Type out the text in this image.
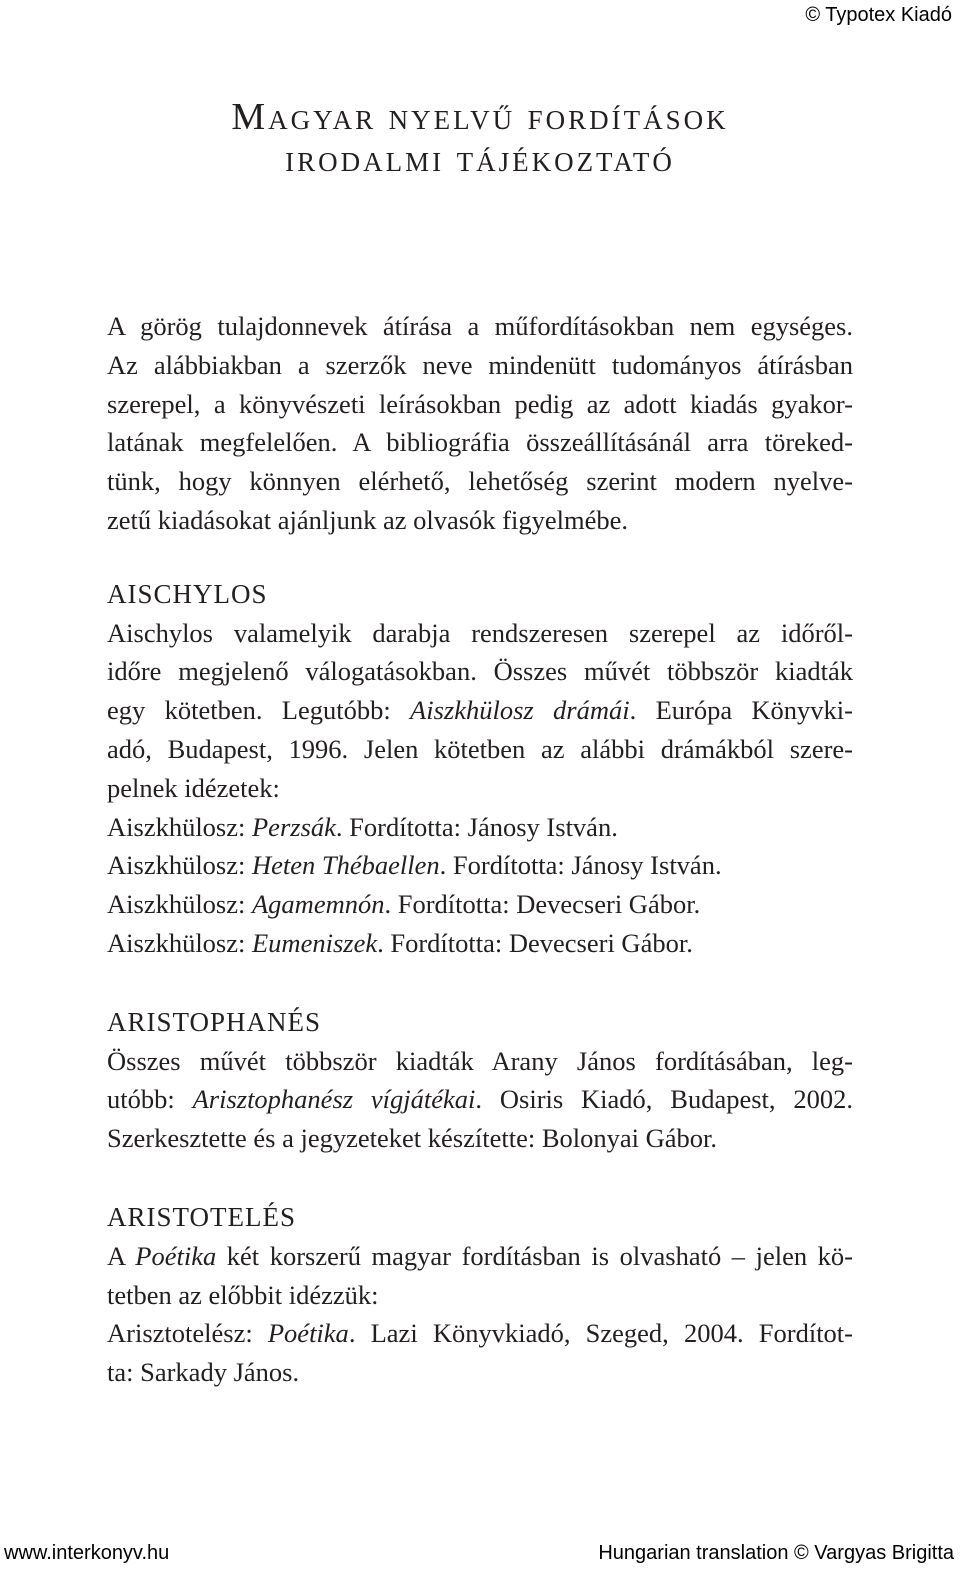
© Typotex Kiadó
Magyar nyelvű fordítások
irodalmi tájékoztató
A görög tulajdonnevek átírása a műfordításokban nem egységes.
Az alábbiakban a szerzők neve mindenütt tudományos átírásban
szerepel, a könyvészeti leírásokban pedig az adott kiadás gyakor-
latának megfelelően. A bibliográfia összeállításánál arra töreked-
tünk, hogy könnyen elérhető, lehetőség szerint modern nyelve-
zetű kiadásokat ajánljunk az olvasók figyelmébe.
AISCHYLOS
Aischylos valamelyik darabja rendszeresen szerepel az időről-
időre megjelenő válogatásokban. Összes művét többször kiadták
egy kötetben. Legutóbb: Aiszkhülosz drámái. Európa Könyvki-
adó, Budapest, 1996. Jelen kötetben az alábbi drámákból szere-
pelnek idézetek:
Aiszkhülosz: Perzsák. Fordította: Jánosy István.
Aiszkhülosz: Heten Thébaellen. Fordította: Jánosy István.
Aiszkhülosz: Agamemnón. Fordította: Devecseri Gábor.
Aiszkhülosz: Eumeniszek. Fordította: Devecseri Gábor.
ARISTOPHANÉS
Összes művét többször kiadták Arany János fordításában, leg-
utóbb: Arisztophanész vígjátékai. Osiris Kiadó, Budapest, 2002.
Szerkesztette és a jegyzeteket készítette: Bolonyai Gábor.
ARISTOTELÉS
A Poétika két korszerű magyar fordításban is olvasható – jelen kö-
tetben az előbbit idézzük:
Arisztotelész: Poétika. Lazi Könyvkiadó, Szeged, 2004. Fordítot-
ta: Sarkady János.
www.interkonyv.hu	Hungarian translation © Vargyas Brigitta
